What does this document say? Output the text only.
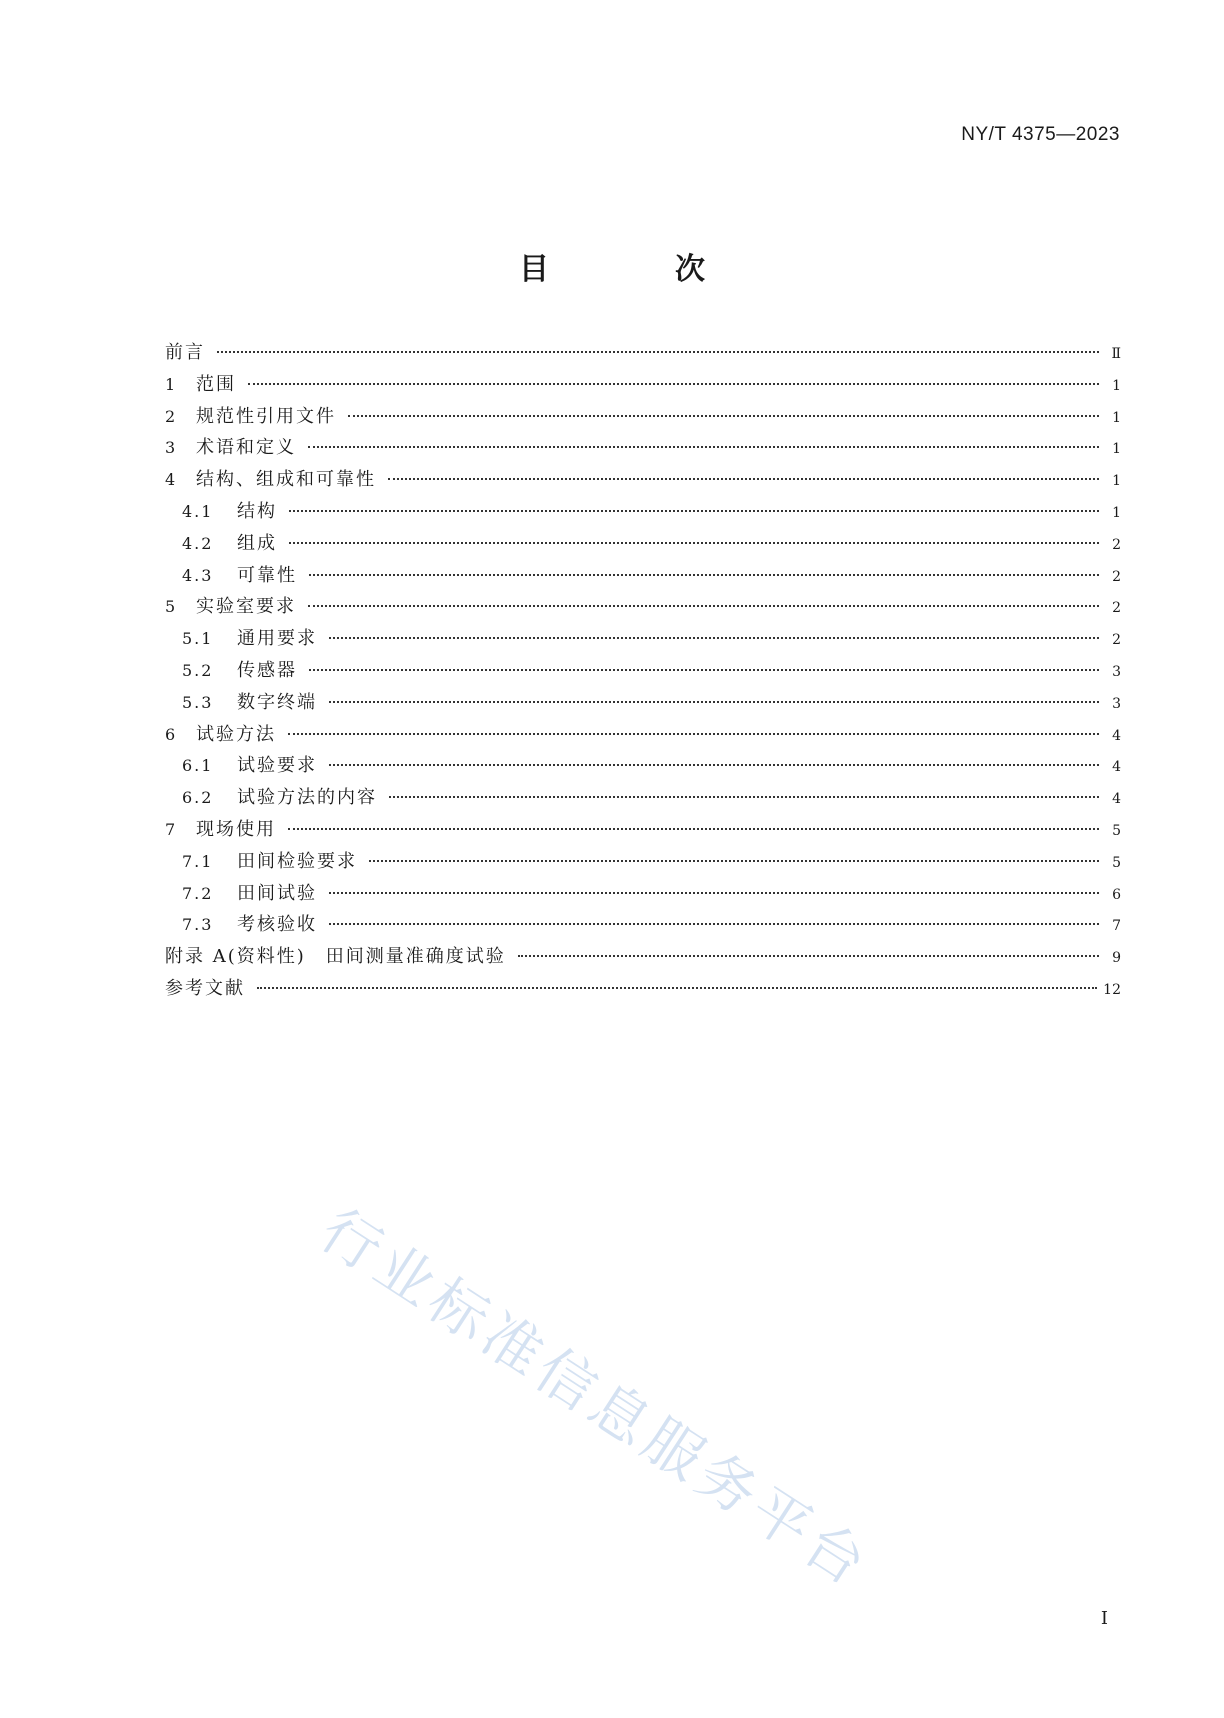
NY/T 4375—2023
目　次
前言	Ⅱ
1	范围	1
2	规范性引用文件	1
3	术语和定义	1
4	结构、组成和可靠性	1
4.1	结构	1
4.2	组成	2
4.3	可靠性	2
5	实验室要求	2
5.1	通用要求	2
5.2	传感器	3
5.3	数字终端	3
6	试验方法	4
6.1	试验要求	4
6.2	试验方法的内容	4
7	现场使用	5
7.1	田间检验要求	5
7.2	田间试验	6
7.3	考核验收	7
附录 A(资料性)　田间测量准确度试验	9
参考文献	12
行业标准信息服务平台
I
